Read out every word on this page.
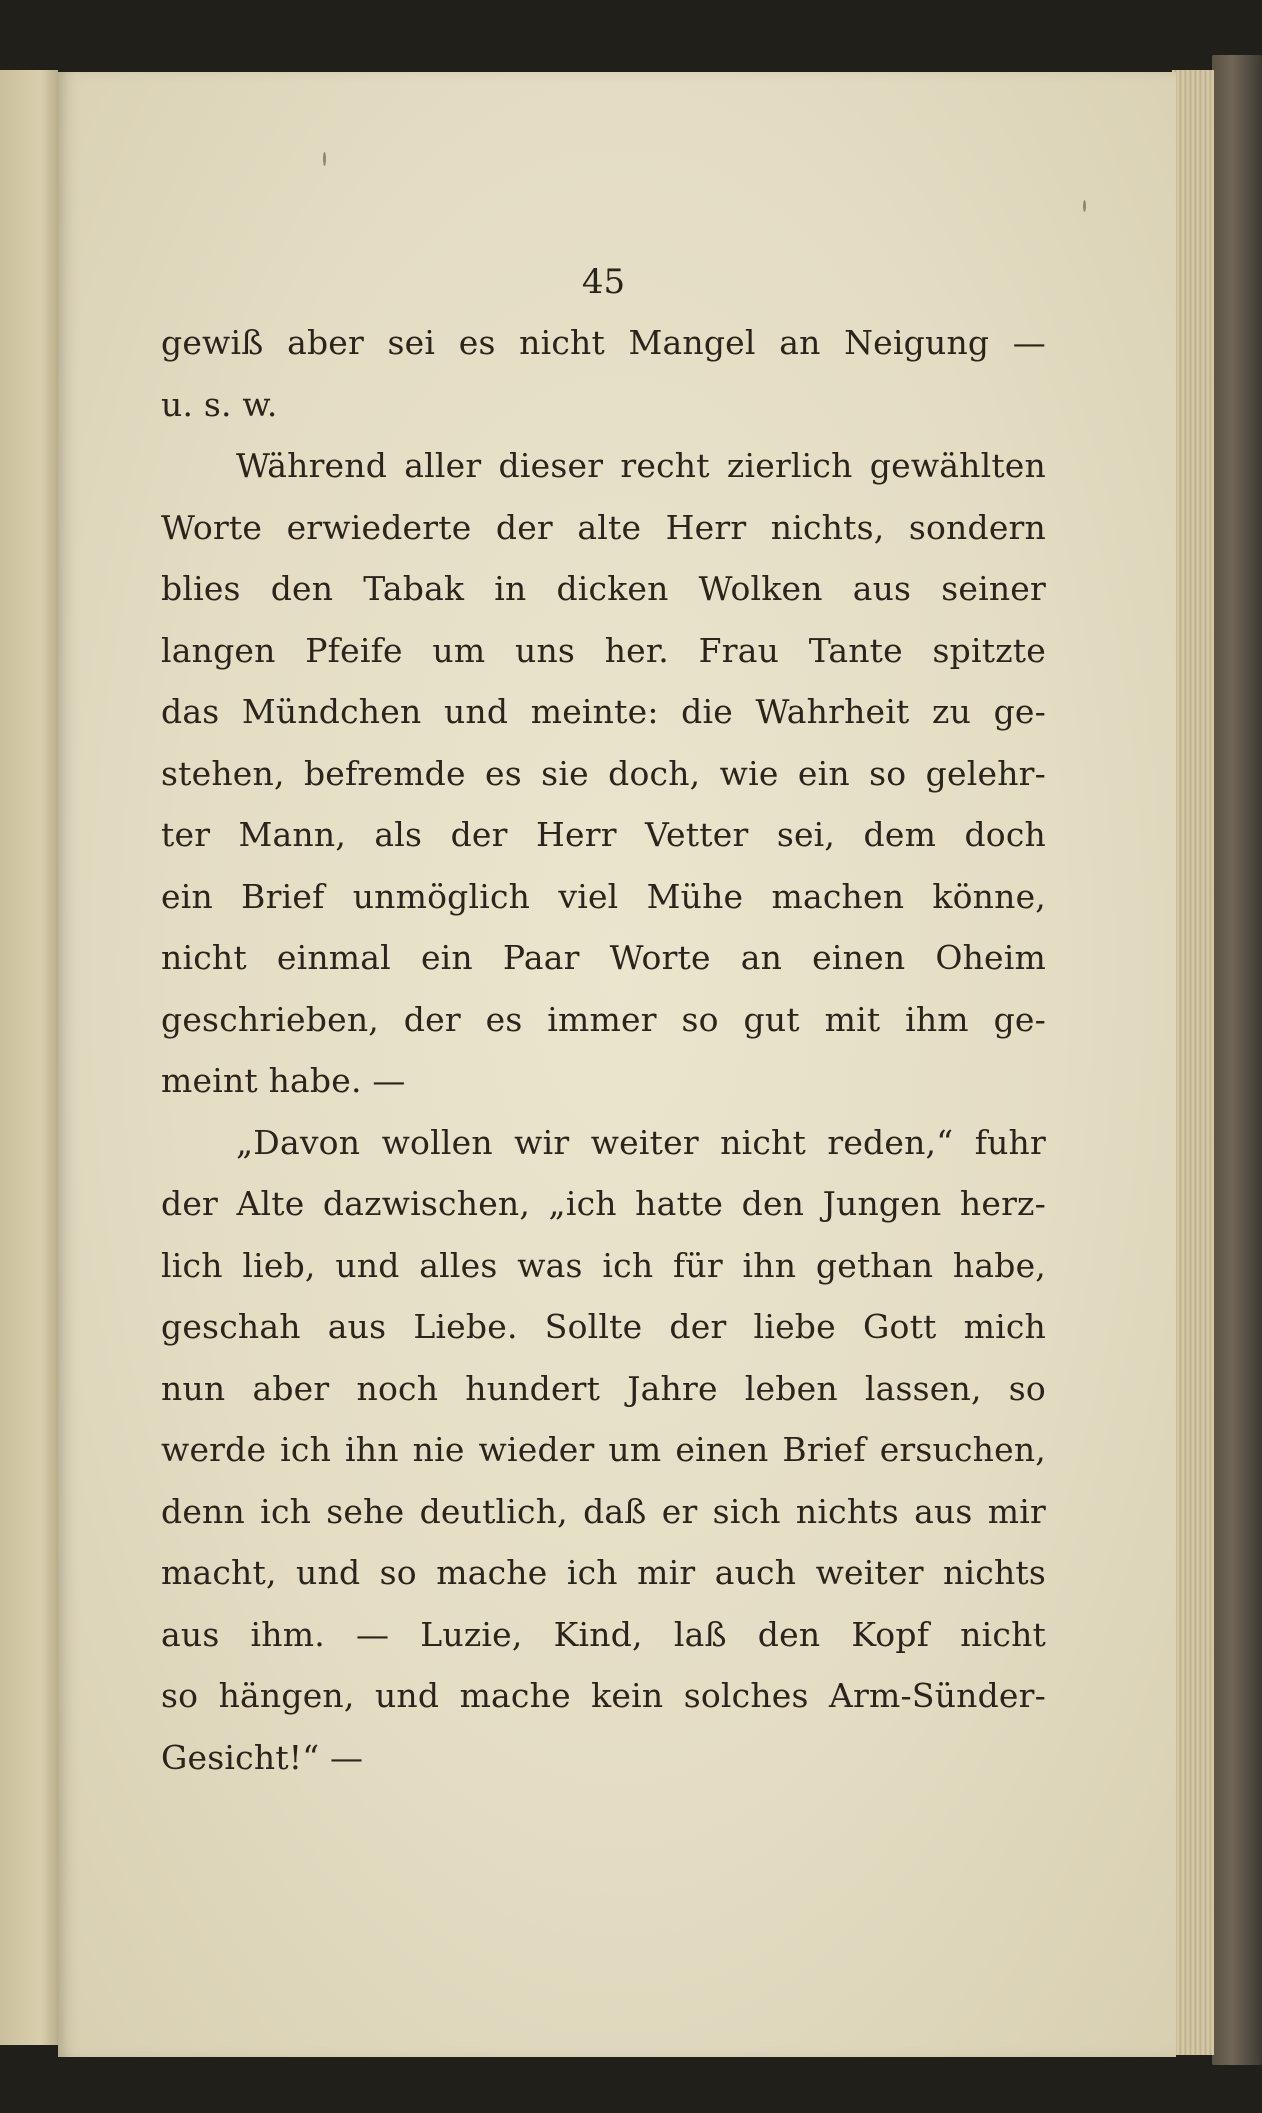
45
gewiß aber sei es nicht Mangel an Neigung —
u. s. w.
Während aller dieser recht zierlich gewählten
Worte erwiederte der alte Herr nichts, sondern
blies den Tabak in dicken Wolken aus seiner
langen Pfeife um uns her. Frau Tante spitzte
das Mündchen und meinte: die Wahrheit zu ge-
stehen, befremde es sie doch, wie ein so gelehr-
ter Mann, als der Herr Vetter sei, dem doch
ein Brief unmöglich viel Mühe machen könne,
nicht einmal ein Paar Worte an einen Oheim
geschrieben, der es immer so gut mit ihm ge-
meint habe. —
„Davon wollen wir weiter nicht reden,“ fuhr
der Alte dazwischen, „ich hatte den Jungen herz-
lich lieb, und alles was ich für ihn gethan habe,
geschah aus Liebe. Sollte der liebe Gott mich
nun aber noch hundert Jahre leben lassen, so
werde ich ihn nie wieder um einen Brief ersuchen,
denn ich sehe deutlich, daß er sich nichts aus mir
macht, und so mache ich mir auch weiter nichts
aus ihm. — Luzie, Kind, laß den Kopf nicht
so hängen, und mache kein solches Arm-Sünder-
Gesicht!“ —
